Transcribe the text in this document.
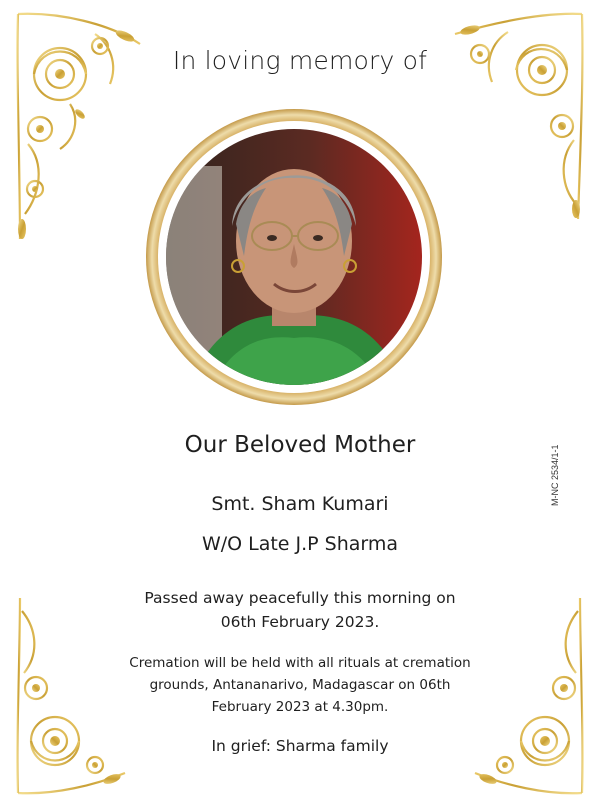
In loving memory of
Our Beloved Mother
Smt. Sham Kumari
W/O Late J.P Sharma
Passed away peacefully this morning on
06th February 2023.
Cremation will be held with all rituals at cremation
grounds, Antananarivo, Madagascar on 06th
February 2023 at 4.30pm.
In grief: Sharma family
M-NC 2534/1-1
